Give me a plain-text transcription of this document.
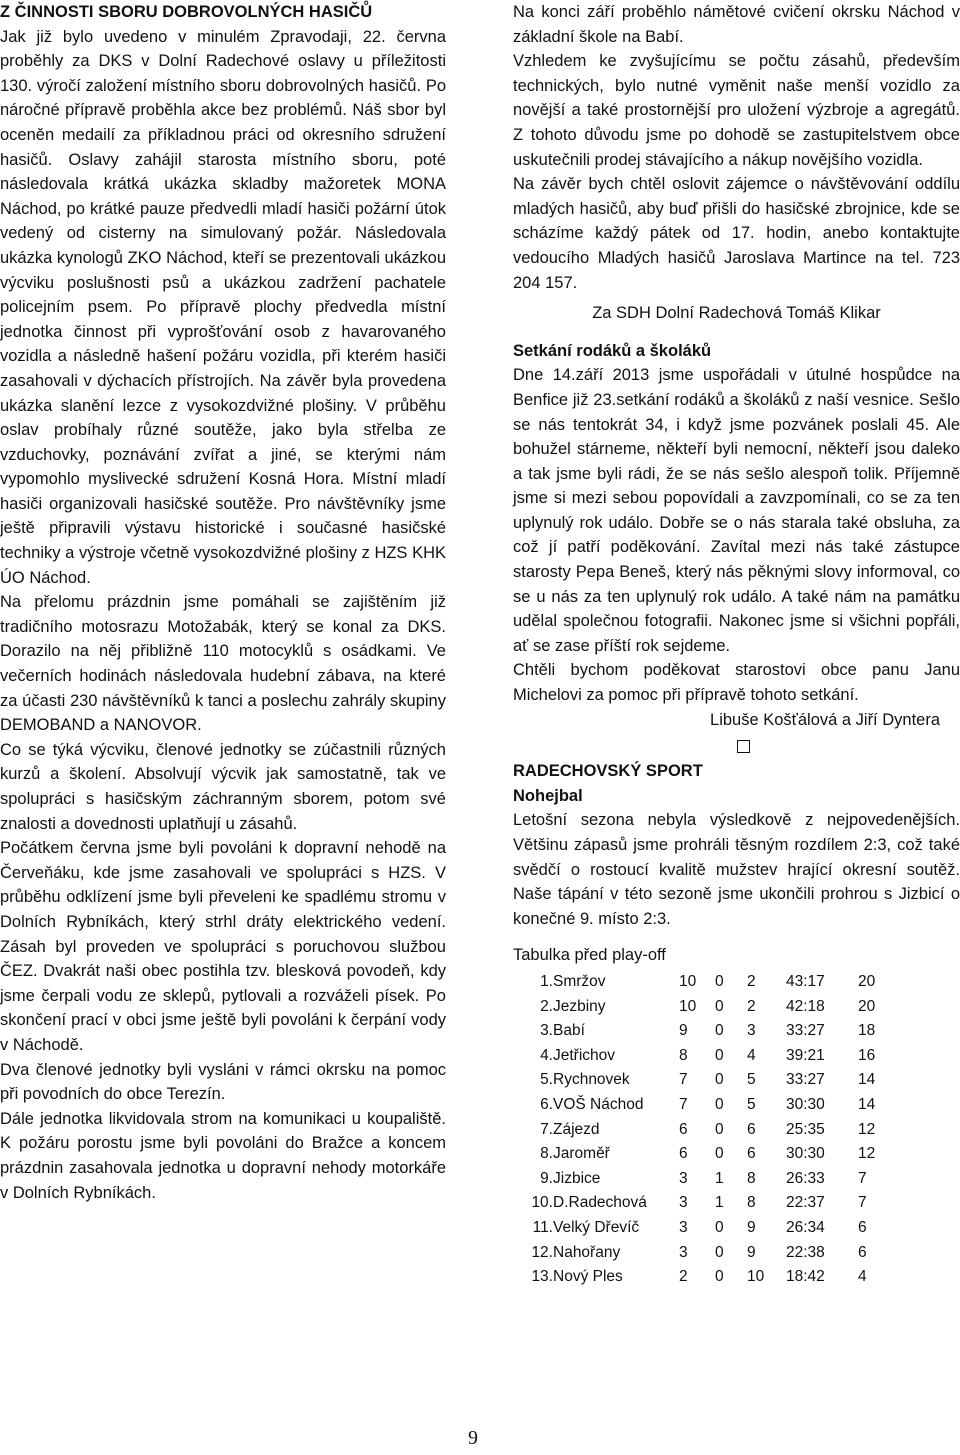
Z ČINNOSTI SBORU DOBROVOLNÝCH HASIČŮ

Jak již bylo uvedeno v minulém Zpravodaji, 22. června proběhly za DKS v Dolní Radechové oslavy u příležitosti 130. výročí založení místního sboru dobrovolných hasičů. Po náročné přípravě proběhla akce bez problémů. Náš sbor byl oceněn medailí za příkladnou práci od okresního sdružení hasičů. Oslavy zahájil starosta místního sboru, poté následovala krátká ukázka skladby mažoretek MONA Náchod, po krátké pauze předvedli mladí hasiči požární útok vedený od cisterny na simulovaný požár. Následovala ukázka kynologů ZKO Náchod, kteří se prezentovali ukázkou výcviku poslušnosti psů a ukázkou zadržení pachatele policejním psem. Po přípravě plochy předvedla místní jednotka činnost při vyprošťování osob z havarovaného vozidla a následně hašení požáru vozidla, při kterém hasiči zasahovali v dýchacích přístrojích. Na závěr byla provedena ukázka slanění lezce z vysokozdvižné plošiny. V průběhu oslav probíhaly různé soutěže, jako byla střelba ze vzduchovky, poznávání zvířat a jiné, se kterými nám vypomohlo myslivecké sdružení Kosná Hora. Místní mladí hasiči organizovali hasičské soutěže. Pro návštěvníky jsme ještě připravili výstavu historické i současné hasičské techniky a výstroje včetně vysokozdvižné plošiny z HZS KHK ÚO Náchod.

Na přelomu prázdnin jsme pomáhali se zajištěním již tradičního motosrazu Motožabák, který se konal za DKS. Dorazilo na něj přibližně 110 motocyklů s osádkami. Ve večerních hodinách následovala hudební zábava, na které za účasti 230 návštěvníků k tanci a poslechu zahrály skupiny DEMOBAND a NANOVOR.

Co se týká výcviku, členové jednotky se zúčastnili různých kurzů a školení. Absolvují výcvik jak samostatně, tak ve spolupráci s hasičským záchranným sborem, potom své znalosti a dovednosti uplatňují u zásahů.

Počátkem června jsme byli povoláni k dopravní nehodě na Červeňáku, kde jsme zasahovali ve spolupráci s HZS. V průběhu odklízení jsme byli převeleni ke spadlému stromu v Dolních Rybníkách, který strhl dráty elektrického vedení. Zásah byl proveden ve spolupráci s poruchovou službou ČEZ. Dvakrát naši obec postihla tzv. blesková povodeň, kdy jsme čerpali vodu ze sklepů, pytlovali a rozváželi písek. Po skončení prací v obci jsme ještě byli povoláni k čerpání vody v Náchodě.

Dva členové jednotky byli vysláni v rámci okrsku na pomoc při povodních do obce Terezín.

Dále jednotka likvidovala strom na komunikaci u koupaliště. K požáru porostu jsme byli povoláni do Bražce a koncem prázdnin zasahovala jednotka u dopravní nehody motorkáře v Dolních Rybníkách.

Na konci září proběhlo námětové cvičení okrsku Náchod v základní škole na Babí.

Vzhledem ke zvyšujícímu se počtu zásahů, především technických, bylo nutné vyměnit naše menší vozidlo za novější a také prostornější pro uložení výzbroje a agregátů. Z tohoto důvodu jsme po dohodě se zastupitelstvem obce uskutečnili prodej stávajícího a nákup novějšího vozidla.

Na závěr bych chtěl oslovit zájemce o návštěvování oddílu mladých hasičů, aby buď přišli do hasičské zbrojnice, kde se scházíme každý pátek od 17. hodin, anebo kontaktujte vedoucího Mladých hasičů Jaroslava Martince na tel. 723 204 157.

Za SDH Dolní Radechová Tomáš Klikar

Setkání rodáků a školáků

Dne 14.září 2013 jsme uspořádali v útulné hospůdce na Benfice již 23.setkání rodáků a školáků z naší vesnice. Sešlo se nás tentokrát 34, i když jsme pozvánek poslali 45. Ale bohužel stárneme, někteří byli nemocní, někteří jsou daleko a tak jsme byli rádi, že se nás sešlo alespoň tolik. Příjemně jsme si mezi sebou popovídali a zavzpomínali, co se za ten uplynulý rok událo. Dobře se o nás starala také obsluha, za což jí patří poděkování. Zavítal mezi nás také zástupce starosty Pepa Beneš, který nás pěknými slovy informoval, co se u nás za ten uplynulý rok událo. A také nám na památku udělal společnou fotografii. Nakonec jsme si všichni popřáli, ať se zase příští rok sejdeme.

Chtěli bychom poděkovat starostovi obce panu Janu Michelovi za pomoc při přípravě tohoto setkání.

Libuše Košťálová a Jiří Dyntera

RADECHOVSKÝ SPORT
Nohejbal

Letošní sezona nebyla výsledkově z nejpovedenějších. Většinu zápasů jsme prohráli těsným rozdílem 2:3, což také svědčí o rostoucí kvalitě mužstev hrající okresní soutěž. Naše tápání v této sezoně jsme ukončili prohrou s Jizbicí o konečné 9. místo 2:3.

Tabulka před play-off

1.	Smržov	10	0	2	43:17	20
2.	Jezbiny	10	0	2	42:18	20
3.	Babí	9	0	3	33:27	18
4.	Jetřichov	8	0	4	39:21	16
5.	Rychnovek	7	0	5	33:27	14
6.	VOŠ Náchod	7	0	5	30:30	14
7.	Zájezd	6	0	6	25:35	12
8.	Jaroměř	6	0	6	30:30	12
9.	Jizbice	3	1	8	26:33	7
10.	D.Radechová	3	1	8	22:37	7
11.	Velký Dřevíč	3	0	9	26:34	6
12.	Nahořany	3	0	9	22:38	6
13.	Nový Ples	2	0	10	18:42	4
9
